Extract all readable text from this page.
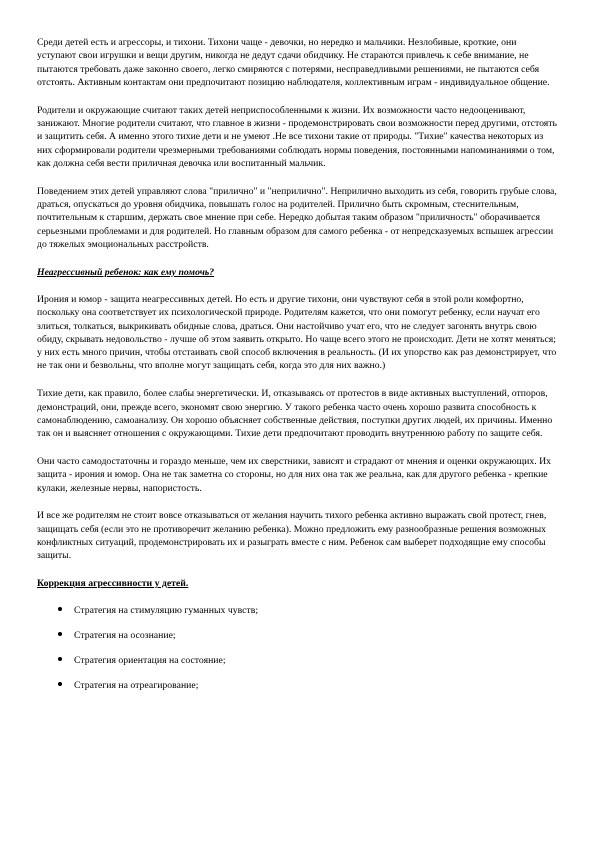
Среди детей есть и агрессоры, и тихони. Тихони чаще - девочки, но нередко и мальчики. Незлобивые, кроткие, они уступают свои игрушки и вещи другим, никогда не дедут сдачи обидчику. Не стараются привлечь к себе внимание, не пытаются требовать даже законно своего, легко смиряются с потерями, несправедливыми решениями, не пытаются себя отстоять. Активным контактам они предпочитают позицию наблюдателя, коллективным играм - индивидуальное общение.

Родители и окружающие считают таких детей неприспособленными к жизни. Их возможности часто недооценивают, занижают. Многие родители считают, что главное в жизни - продемонстрировать свои возможности перед другими, отстоять и защитить себя. А именно этого тихие дети и не умеют .Не все тихони такие от природы. "Тихие" качества некоторых из них сформировали родители чрезмерными требованиями соблюдать нормы поведения, постоянными напоминаниями о том, как должна себя вести приличная девочка или воспитанный мальчик.

Поведением этих детей управляют слова "прилично" и "неприлично". Неприлично выходить из себя, говорить грубые слова, драться, опускаться до уровня обидчика, повышать голос на родителей. Прилично быть скромным, стеснительным, почтительным к старшим, держать свое мнение при себе. Нередко добытая таким образом "приличность" оборачивается серьезными проблемами и для родителей. Но главным образом для самого ребенка - от непредсказуемых вспышек агрессии до тяжелых эмоциональных расстройств.

Неагрессивный ребенок: как ему помочь?

Ирония и юмор - защита неагрессивных детей. Но есть и другие тихони, они чувствуют себя в этой роли комфортно, поскольку она соответствует их психологической природе. Родителям кажется, что они помогут ребенку, если научат его злиться, толкаться, выкрикивать обидные слова, драться. Они настойчиво учат его, что не следует загонять внутрь свою обиду, скрывать недовольство - лучше об этом заявить открыто. Но чаще всего этого не происходит. Дети не хотят меняться; у них есть много причин, чтобы отстаивать свой способ включения в реальность. (И их упорство как раз демонстрирует, что не так они и безвольны, что вполне могут защищать себя, когда это для них важно.)

Тихие дети, как правило, более слабы энергетически. И, отказываясь от протестов в виде активных выступлений, отпоров, демонстраций, они, прежде всего, экономят свою энергию. У такого ребенка часто очень хорошо развита способность к самонаблюдению, самоанализу. Он хорошо объясняет собственные действия, поступки других людей, их причины. Именно так он и выясняет отношения с окружающими. Тихие дети предпочитают проводить внутреннюю работу по защите себя.

Они часто самодостаточны и гораздо меньше, чем их сверстники, зависят и страдают от мнения и оценки окружающих. Их защита - ирония и юмор. Она не так заметна со стороны, но для них она так же реальна, как для другого ребенка - крепкие кулаки, железные нервы, напористость.

И все же родителям не стоит вовсе отказываться от желания научить тихого ребенка активно выражать свой протест, гнев, защищать себя (если это не противоречит желанию ребенка). Можно предложить ему разнообразные решения возможных конфликтных ситуаций, продемонстрировать их и разыграть вместе с ним. Ребенок сам выберет подходящие ему способы защиты.

Коррекция агрессивности у детей.

Стратегия на стимуляцию гуманных чувств;
Стратегия на осознание;
Стратегия ориентация на состояние;
Стратегия на отреагирование;
